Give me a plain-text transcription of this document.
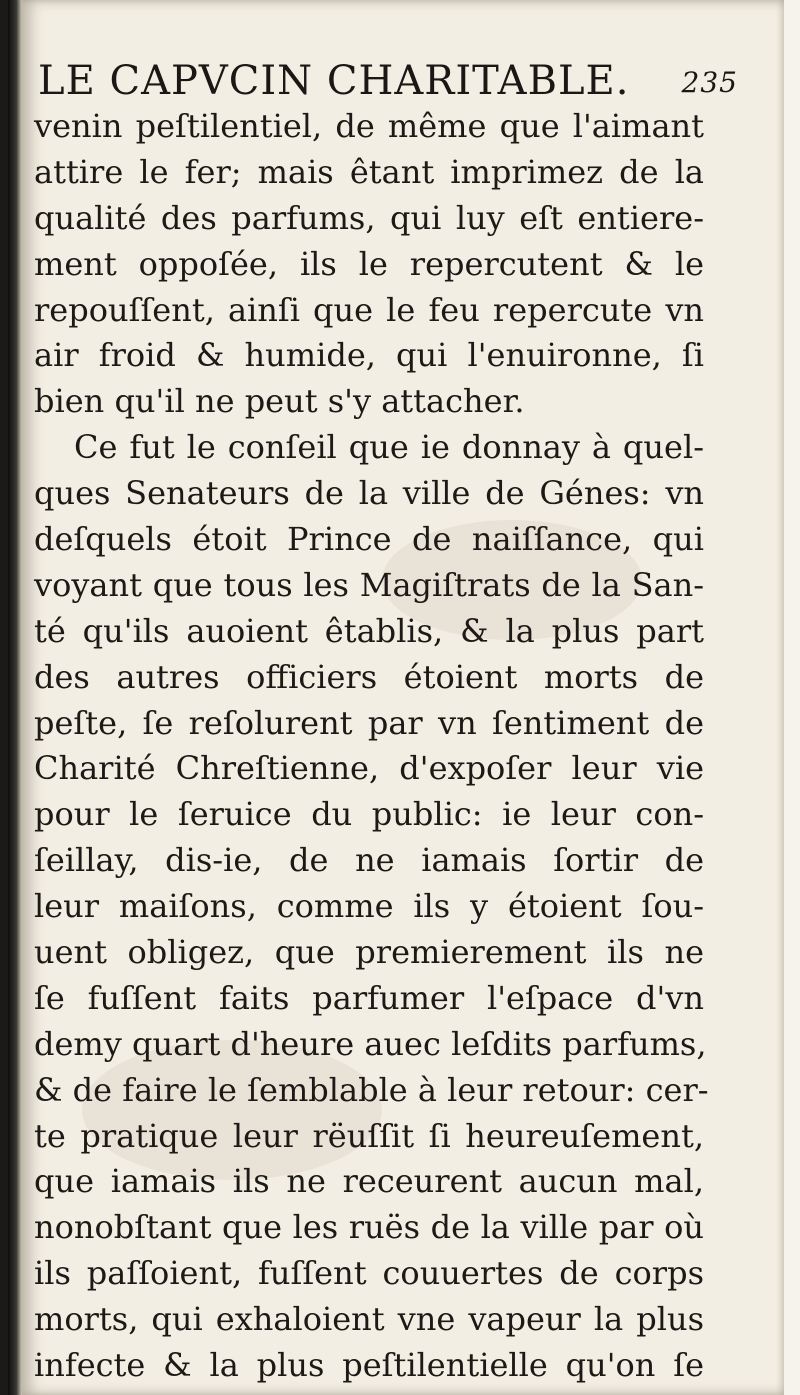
LE CAPVCIN CHARITABLE. 235
venin peſtilentiel, de même que l'aimant
attire le fer; mais êtant imprimez de la
qualité des parfums, qui luy eſt entiere-
ment oppoſée, ils le repercutent & le
repouſſent, ainſi que le feu repercute vn
air froid & humide, qui l'enuironne, ſi
bien qu'il ne peut s'y attacher.
Ce fut le conſeil que ie donnay à quel-
ques Senateurs de la ville de Génes: vn
deſquels étoit Prince de naiſſance, qui
voyant que tous les Magiſtrats de la San-
té qu'ils auoient êtablis, & la plus part
des autres officiers étoient morts de
peſte, ſe reſolurent par vn ſentiment de
Charité Chreſtienne, d'expoſer leur vie
pour le ſeruice du public: ie leur con-
ſeillay, dis-ie, de ne iamais ſortir de
leur maiſons, comme ils y étoient ſou-
uent obligez, que premierement ils ne
ſe fuſſent faits parfumer l'eſpace d'vn
demy quart d'heure auec leſdits parfums,
& de faire le ſemblable à leur retour: cer-
te pratique leur rëuſſit ſi heureuſement,
que iamais ils ne receurent aucun mal,
nonobſtant que les ruës de la ville par où
ils paſſoient, fuſſent couuertes de corps
morts, qui exhaloient vne vapeur la plus
infecte & la plus peſtilentielle qu'on ſe
